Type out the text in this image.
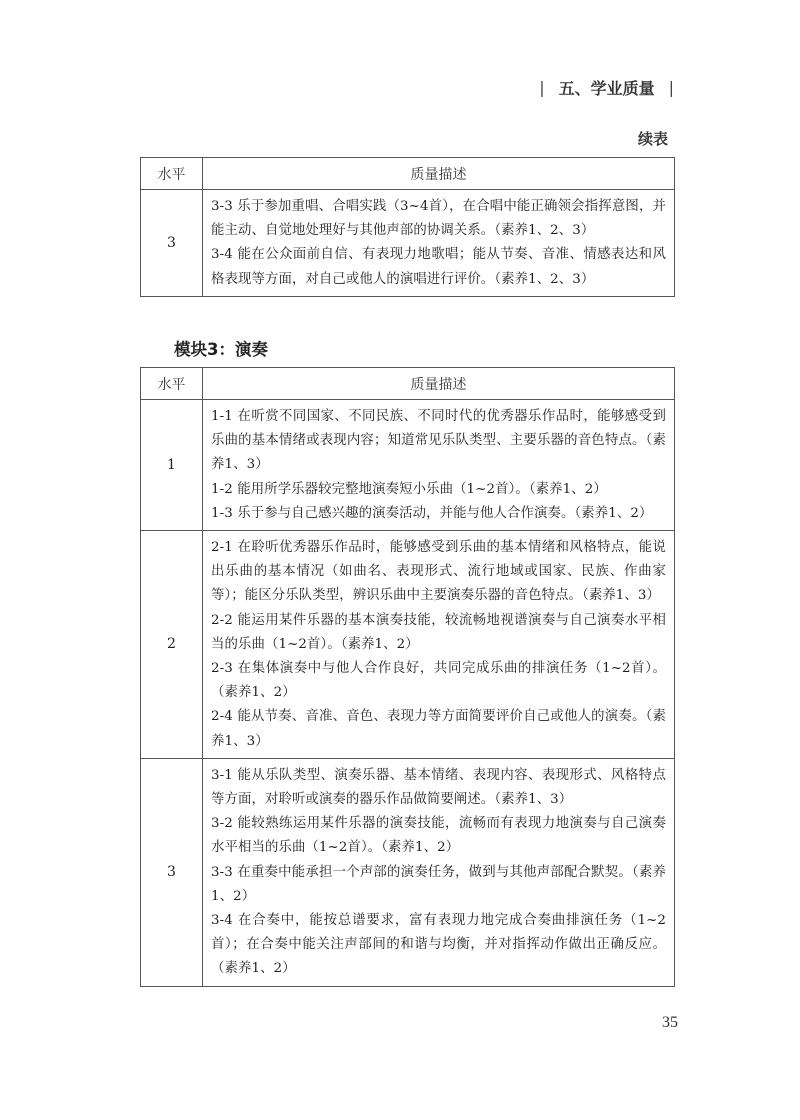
| 五、学业质量 |
续表
水平	质量描述
3	3-3 乐于参加重唱、合唱实践（3~4首），在合唱中能正确领会指挥意图，并能主动、自觉地处理好与其他声部的协调关系。（素养1、2、3）
3-4 能在公众面前自信、有表现力地歌唱；能从节奏、音准、情感表达和风格表现等方面，对自己或他人的演唱进行评价。（素养1、2、3）
模块3：演奏
水平	质量描述
1	1-1 在听赏不同国家、不同民族、不同时代的优秀器乐作品时，能够感受到乐曲的基本情绪或表现内容；知道常见乐队类型、主要乐器的音色特点。（素养1、3）
1-2 能用所学乐器较完整地演奏短小乐曲（1~2首）。（素养1、2）
1-3 乐于参与自己感兴趣的演奏活动，并能与他人合作演奏。（素养1、2）

2	2-1 在聆听优秀器乐作品时，能够感受到乐曲的基本情绪和风格特点，能说出乐曲的基本情况（如曲名、表现形式、流行地域或国家、民族、作曲家等）；能区分乐队类型，辨识乐曲中主要演奏乐器的音色特点。（素养1、3）
2-2 能运用某件乐器的基本演奏技能，较流畅地视谱演奏与自己演奏水平相当的乐曲（1~2首）。（素养1、2）
2-3 在集体演奏中与他人合作良好，共同完成乐曲的排演任务（1~2首）。（素养1、2）
2-4 能从节奏、音准、音色、表现力等方面简要评价自己或他人的演奏。（素养1、3）

3	3-1 能从乐队类型、演奏乐器、基本情绪、表现内容、表现形式、风格特点等方面，对聆听或演奏的器乐作品做简要阐述。（素养1、3）
3-2 能较熟练运用某件乐器的演奏技能，流畅而有表现力地演奏与自己演奏水平相当的乐曲（1~2首）。（素养1、2）
3-3 在重奏中能承担一个声部的演奏任务，做到与其他声部配合默契。（素养1、2）
3-4 在合奏中，能按总谱要求，富有表现力地完成合奏曲排演任务（1~2首）；在合奏中能关注声部间的和谐与均衡，并对指挥动作做出正确反应。（素养1、2）
35
